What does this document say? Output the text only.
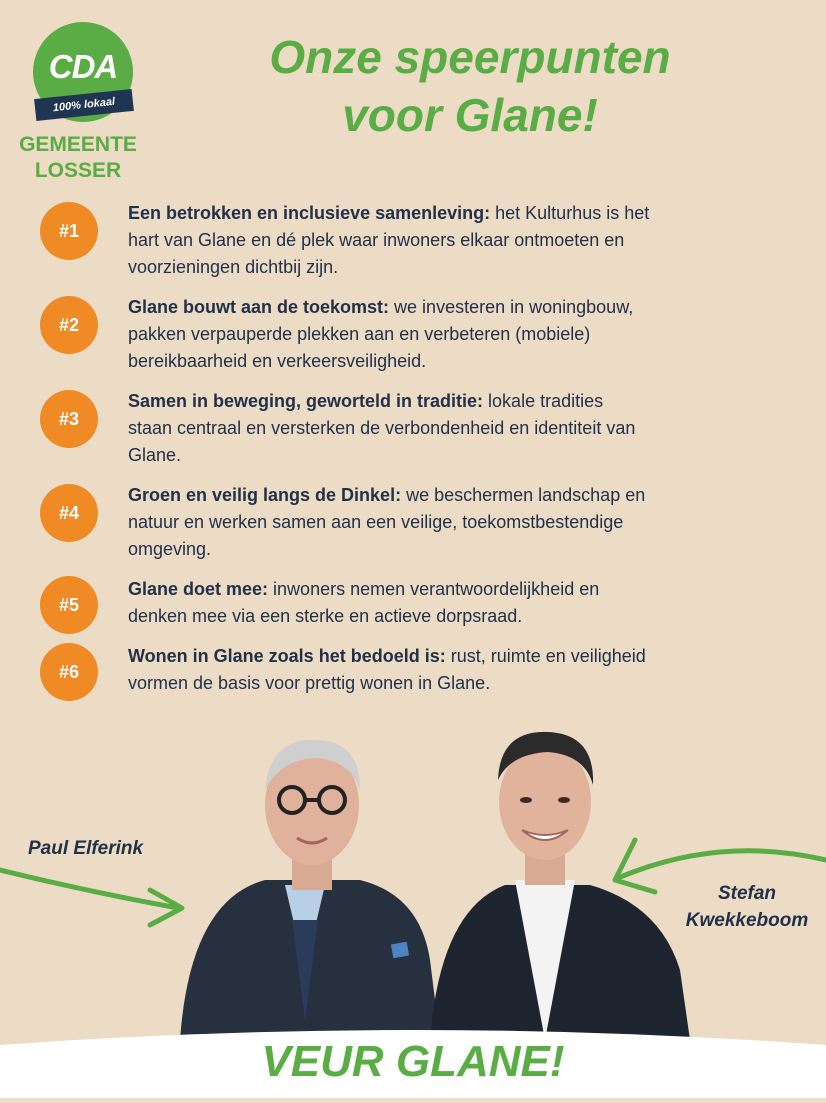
CDA
100% lokaal
GEMEENTE
LOSSER
Onze speerpunten
voor Glane!
#1
Een betrokken en inclusieve samenleving: het Kulturhus is het
hart van Glane en dé plek waar inwoners elkaar ontmoeten en
voorzieningen dichtbij zijn.
#2
Glane bouwt aan de toekomst: we investeren in woningbouw,
pakken verpauperde plekken aan en verbeteren (mobiele)
bereikbaarheid en verkeersveiligheid.
#3
Samen in beweging, geworteld in traditie: lokale tradities
staan centraal en versterken de verbondenheid en identiteit van
Glane.
#4
Groen en veilig langs de Dinkel: we beschermen landschap en
natuur en werken samen aan een veilige, toekomstbestendige
omgeving.
#5
Glane doet mee: inwoners nemen verantwoordelijkheid en
denken mee via een sterke en actieve dorpsraad.
#6
Wonen in Glane zoals het bedoeld is: rust, ruimte en veiligheid
vormen de basis voor prettig wonen in Glane.
Paul Elferink
Stefan
Kwekkeboom
VEUR GLANE!
